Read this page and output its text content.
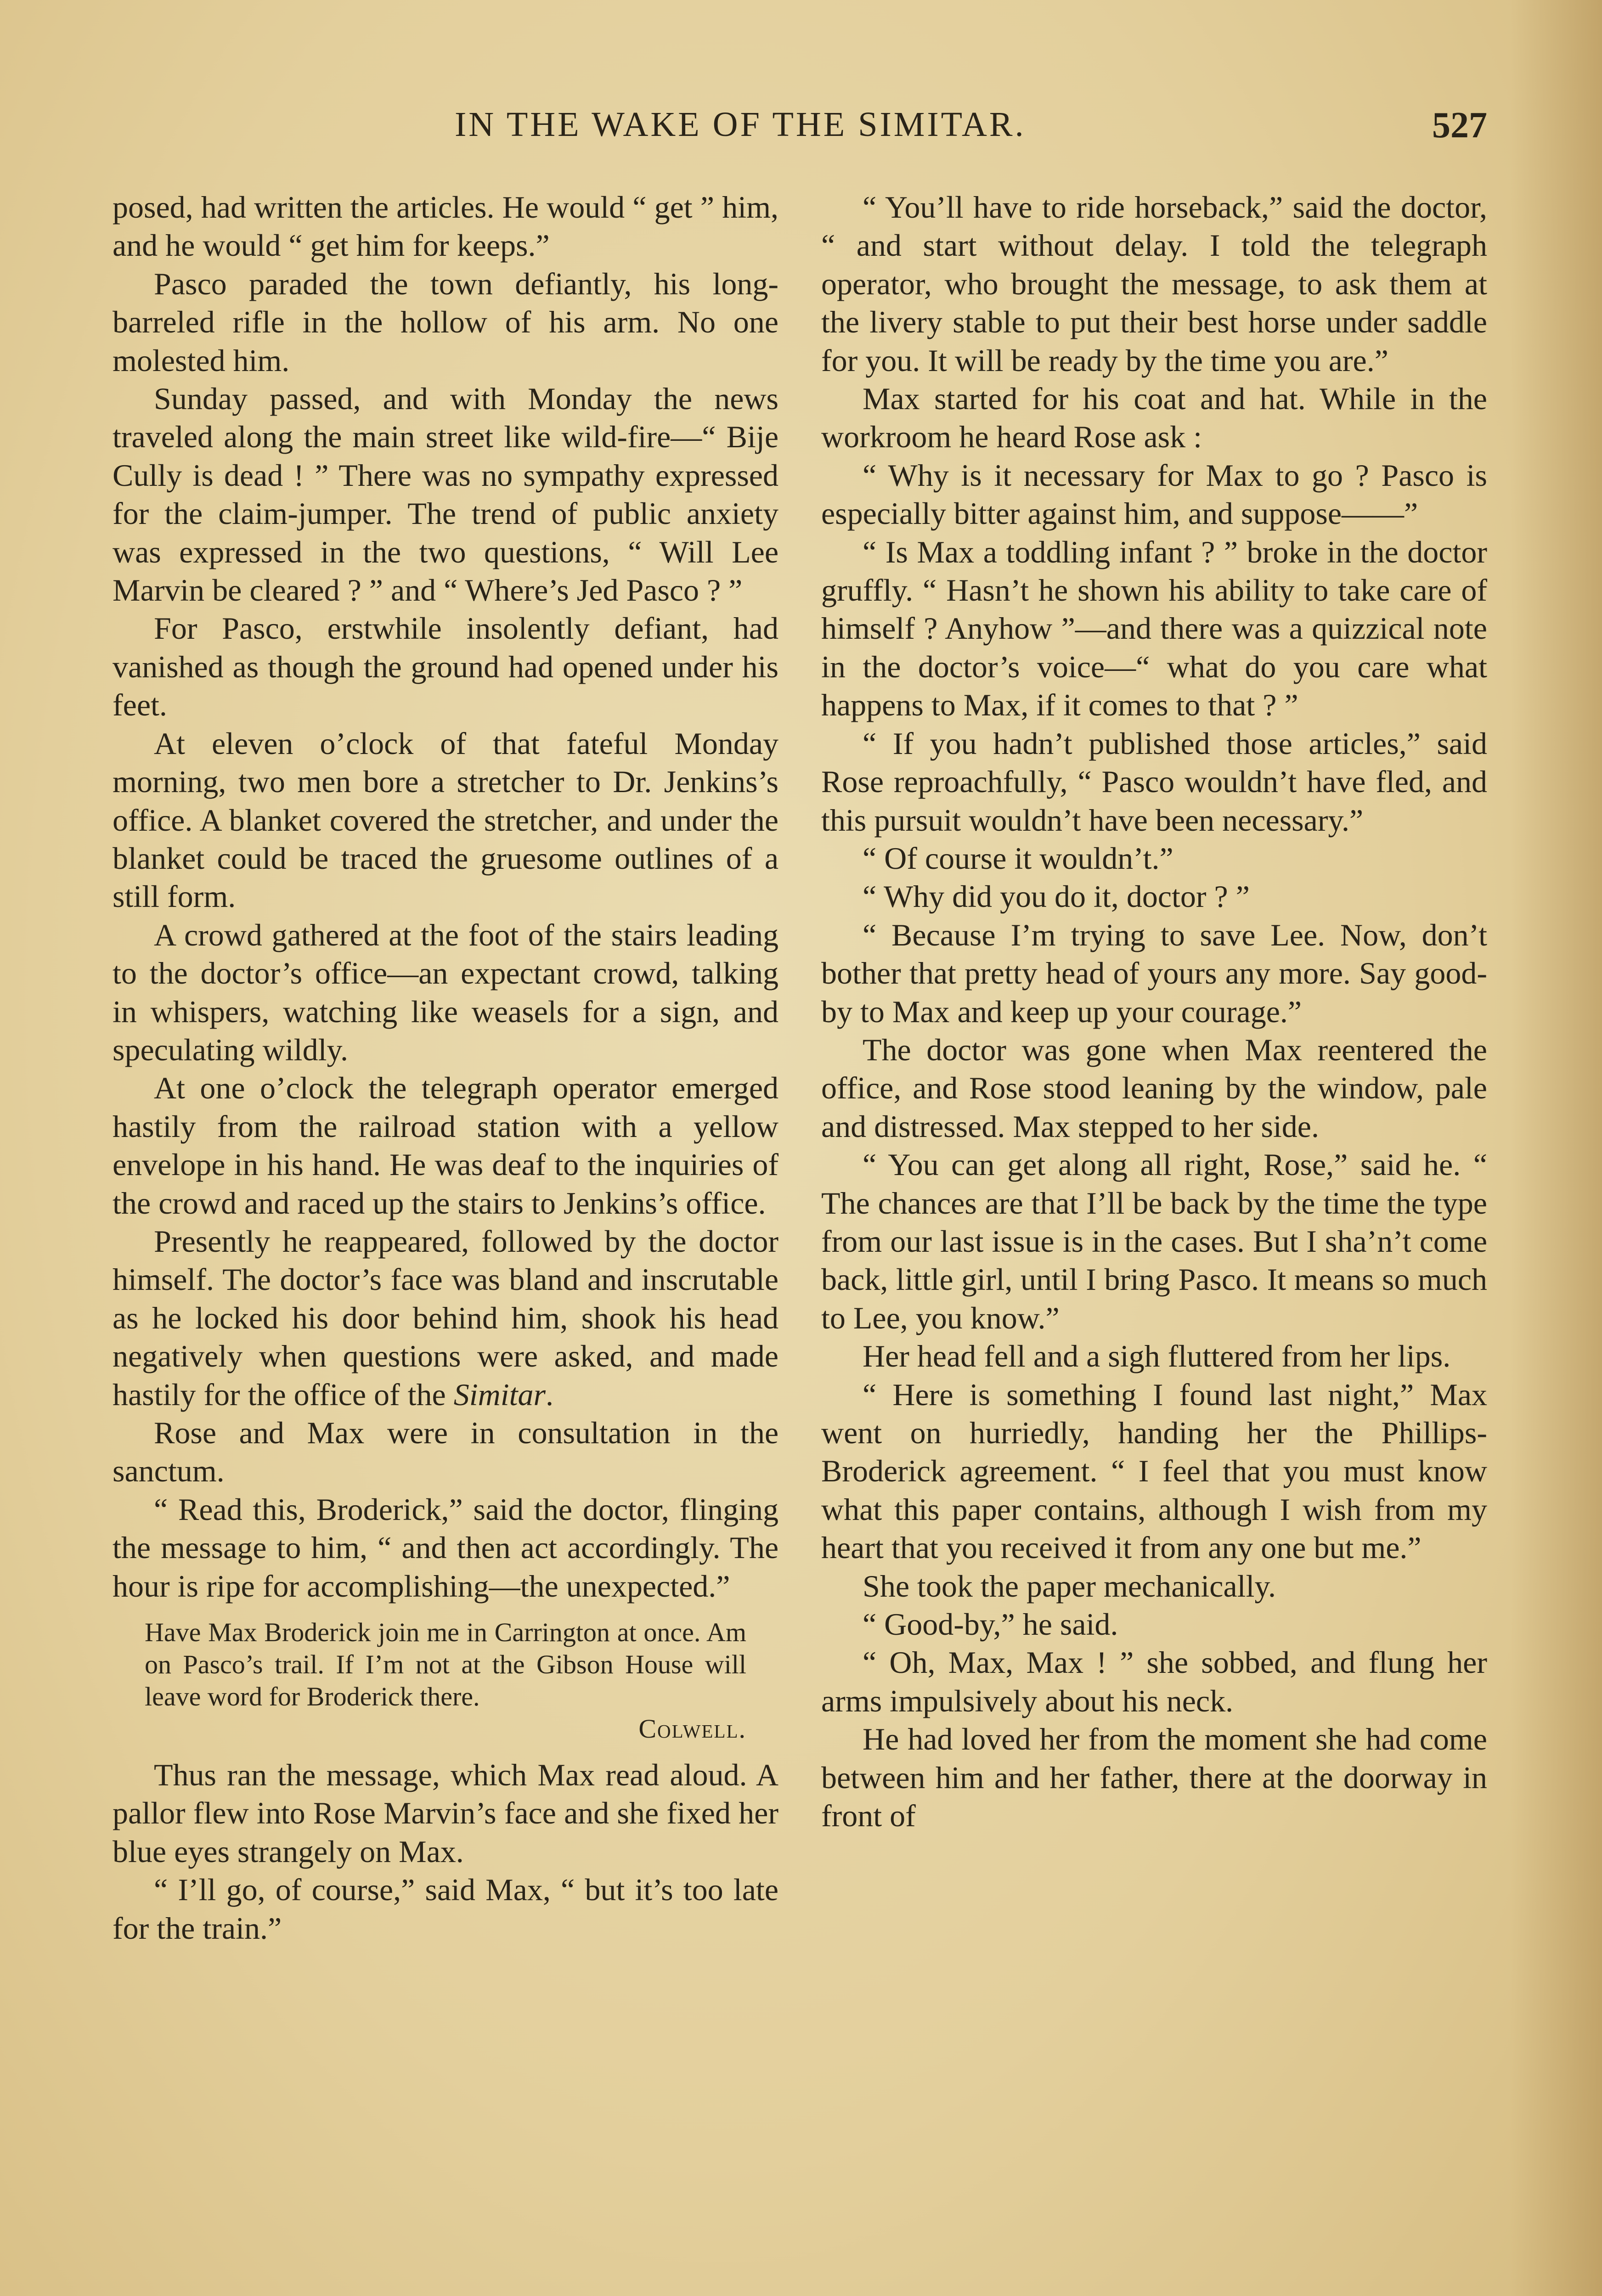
IN THE WAKE OF THE SIMITAR.	527

posed, had written the articles. He would “ get ” him, and he would “ get him for keeps.”

Pasco paraded the town defiantly, his long-barreled rifle in the hollow of his arm. No one molested him.

Sunday passed, and with Monday the news traveled along the main street like wild-fire—“ Bije Cully is dead ! ” There was no sympathy expressed for the claim-jumper. The trend of public anxiety was expressed in the two questions, “ Will Lee Marvin be cleared ? ” and “ Where’s Jed Pasco ? ”

For Pasco, erstwhile insolently defiant, had vanished as though the ground had opened under his feet.

At eleven o’clock of that fateful Monday morning, two men bore a stretcher to Dr. Jenkins’s office. A blanket covered the stretcher, and under the blanket could be traced the gruesome outlines of a still form.

A crowd gathered at the foot of the stairs leading to the doctor’s office—an expectant crowd, talking in whispers, watching like weasels for a sign, and speculating wildly.

At one o’clock the telegraph operator emerged hastily from the railroad station with a yellow envelope in his hand. He was deaf to the inquiries of the crowd and raced up the stairs to Jenkins’s office.

Presently he reappeared, followed by the doctor himself. The doctor’s face was bland and inscrutable as he locked his door behind him, shook his head negatively when questions were asked, and made hastily for the office of the Simitar.

Rose and Max were in consultation in the sanctum.

“ Read this, Broderick,” said the doctor, flinging the message to him, “ and then act accordingly. The hour is ripe for accomplishing—the unexpected.”

Have Max Broderick join me in Carrington at once. Am on Pasco’s trail. If I’m not at the Gibson House will leave word for Broderick there.
Colwell.

Thus ran the message, which Max read aloud. A pallor flew into Rose Marvin’s face and she fixed her blue eyes strangely on Max.

“ I’ll go, of course,” said Max, “ but it’s too late for the train.”

“ You’ll have to ride horseback,” said the doctor, “ and start without delay. I told the telegraph operator, who brought the message, to ask them at the livery stable to put their best horse under saddle for you. It will be ready by the time you are.”

Max started for his coat and hat. While in the workroom he heard Rose ask :

“ Why is it necessary for Max to go ? Pasco is especially bitter against him, and suppose——”

“ Is Max a toddling infant ? ” broke in the doctor gruffly. “ Hasn’t he shown his ability to take care of himself ? Anyhow ”—and there was a quizzical note in the doctor’s voice—“ what do you care what happens to Max, if it comes to that ? ”

“ If you hadn’t published those articles,” said Rose reproachfully, “ Pasco wouldn’t have fled, and this pursuit wouldn’t have been necessary.”

“ Of course it wouldn’t.”

“ Why did you do it, doctor ? ”

“ Because I’m trying to save Lee. Now, don’t bother that pretty head of yours any more. Say good-by to Max and keep up your courage.”

The doctor was gone when Max reentered the office, and Rose stood leaning by the window, pale and distressed. Max stepped to her side.

“ You can get along all right, Rose,” said he. “ The chances are that I’ll be back by the time the type from our last issue is in the cases. But I sha’n’t come back, little girl, until I bring Pasco. It means so much to Lee, you know.”

Her head fell and a sigh fluttered from her lips.

“ Here is something I found last night,” Max went on hurriedly, handing her the Phillips-Broderick agreement. “ I feel that you must know what this paper contains, although I wish from my heart that you received it from any one but me.”

She took the paper mechanically.

“ Good-by,” he said.

“ Oh, Max, Max ! ” she sobbed, and flung her arms impulsively about his neck.

He had loved her from the moment she had come between him and her father, there at the doorway in front of
